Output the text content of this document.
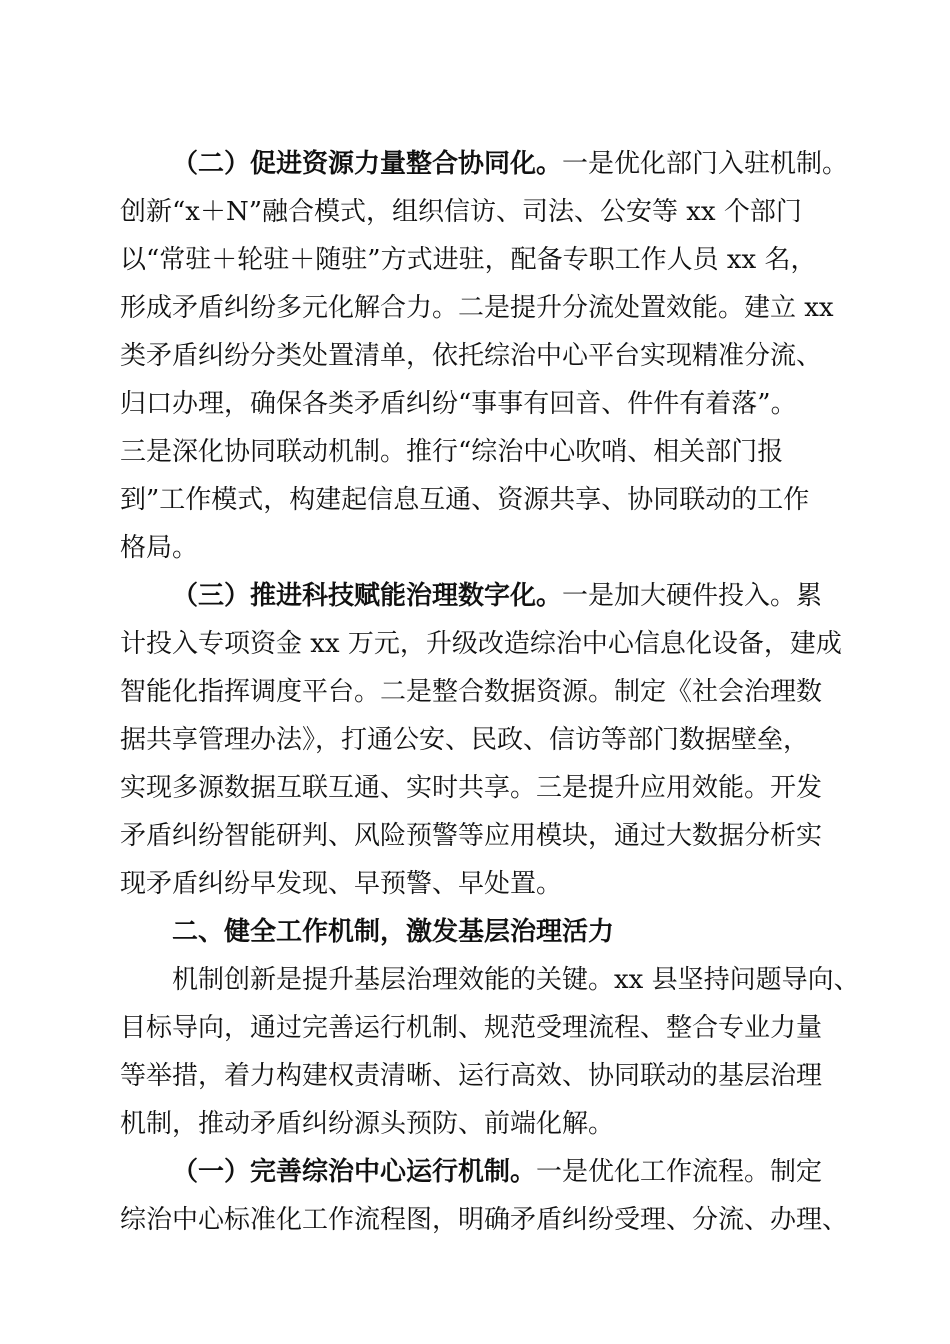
（二）促进资源力量整合协同化。一是优化部门入驻机制。
创新“x＋N”融合模式，组织信访、司法、公安等 xx 个部门
以“常驻＋轮驻＋随驻”方式进驻，配备专职工作人员 xx 名，
形成矛盾纠纷多元化解合力。二是提升分流处置效能。建立 xx
类矛盾纠纷分类处置清单，依托综治中心平台实现精准分流、
归口办理，确保各类矛盾纠纷“事事有回音、件件有着落”。
三是深化协同联动机制。推行“综治中心吹哨、相关部门报
到”工作模式，构建起信息互通、资源共享、协同联动的工作
格局。
（三）推进科技赋能治理数字化。一是加大硬件投入。累
计投入专项资金 xx 万元，升级改造综治中心信息化设备，建成
智能化指挥调度平台。二是整合数据资源。制定《社会治理数
据共享管理办法》，打通公安、民政、信访等部门数据壁垒，
实现多源数据互联互通、实时共享。三是提升应用效能。开发
矛盾纠纷智能研判、风险预警等应用模块，通过大数据分析实
现矛盾纠纷早发现、早预警、早处置。
二、健全工作机制，激发基层治理活力
机制创新是提升基层治理效能的关键。xx 县坚持问题导向、
目标导向，通过完善运行机制、规范受理流程、整合专业力量
等举措，着力构建权责清晰、运行高效、协同联动的基层治理
机制，推动矛盾纠纷源头预防、前端化解。
（一）完善综治中心运行机制。一是优化工作流程。制定
综治中心标准化工作流程图，明确矛盾纠纷受理、分流、办理、
